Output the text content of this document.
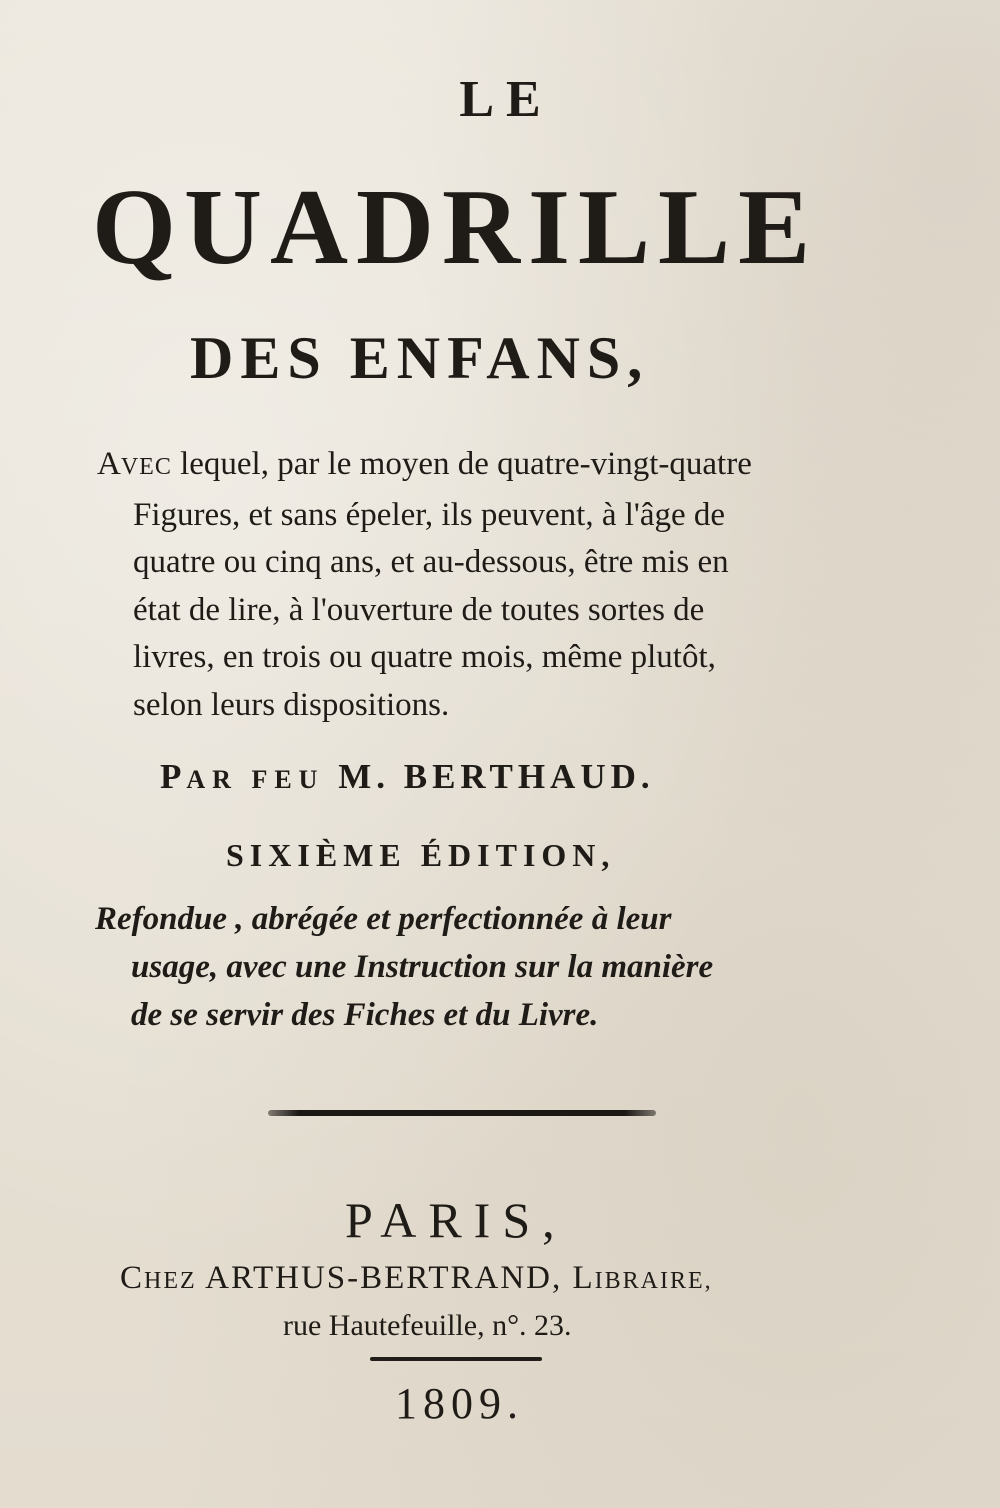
LE
QUADRILLE
DES ENFANS,

AVEC lequel, par le moyen de quatre-vingt-quatre
Figures, et sans épeler, ils peuvent, à l'âge de
quatre ou cinq ans, et au-dessous, être mis en
état de lire, à l'ouverture de toutes sortes de
livres, en trois ou quatre mois, même plutôt,
selon leurs dispositions.

PAR FEU M. BERTHAUD.
SIXIÈME ÉDITION,

Refondue , abrégée et perfectionnée à leur
usage, avec une Instruction sur la manière
de se servir des Fiches et du Livre.

PARIS,
CHEZ ARTHUS-BERTRAND, LIBRAIRE,
rue Hautefeuille, n°. 23.
1809.
